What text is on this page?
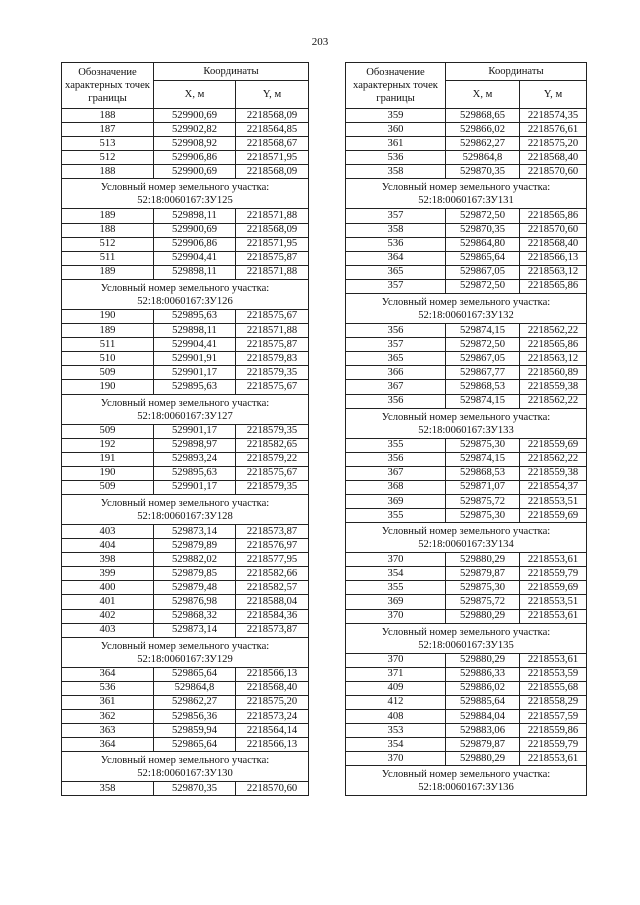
203
Обозначение характерных точек границы	Координаты	
	X, м	Y, м
188	529900,69	2218568,09
187	529902,82	2218564,85
513	529908,92	2218568,67
512	529906,86	2218571,95
188	529900,69	2218568,09
Условный номер земельного участка:
52:18:0060167:ЗУ125		
189	529898,11	2218571,88
188	529900,69	2218568,09
512	529906,86	2218571,95
511	529904,41	2218575,87
189	529898,11	2218571,88
Условный номер земельного участка:
52:18:0060167:ЗУ126		
190	529895,63	2218575,67
189	529898,11	2218571,88
511	529904,41	2218575,87
510	529901,91	2218579,83
509	529901,17	2218579,35
190	529895,63	2218575,67
Условный номер земельного участка:
52:18:0060167:ЗУ127		
509	529901,17	2218579,35
192	529898,97	2218582,65
191	529893,24	2218579,22
190	529895,63	2218575,67
509	529901,17	2218579,35
Условный номер земельного участка:
52:18:0060167:ЗУ128		
403	529873,14	2218573,87
404	529879,89	2218576,97
398	529882,02	2218577,95
399	529879,85	2218582,66
400	529879,48	2218582,57
401	529876,98	2218588,04
402	529868,32	2218584,36
403	529873,14	2218573,87
Условный номер земельного участка:
52:18:0060167:ЗУ129		
364	529865,64	2218566,13
536	529864,8	2218568,40
361	529862,27	2218575,20
362	529856,36	2218573,24
363	529859,94	2218564,14
364	529865,64	2218566,13
Условный номер земельного участка:
52:18:0060167:ЗУ130		
358	529870,35	2218570,60
Обозначение характерных точек границы	Координаты	
	X, м	Y, м
359	529868,65	2218574,35
360	529866,02	2218576,61
361	529862,27	2218575,20
536	529864,8	2218568,40
358	529870,35	2218570,60
Условный номер земельного участка:
52:18:0060167:ЗУ131		
357	529872,50	2218565,86
358	529870,35	2218570,60
536	529864,80	2218568,40
364	529865,64	2218566,13
365	529867,05	2218563,12
357	529872,50	2218565,86
Условный номер земельного участка:
52:18:0060167:ЗУ132		
356	529874,15	2218562,22
357	529872,50	2218565,86
365	529867,05	2218563,12
366	529867,77	2218560,89
367	529868,53	2218559,38
356	529874,15	2218562,22
Условный номер земельного участка:
52:18:0060167:ЗУ133		
355	529875,30	2218559,69
356	529874,15	2218562,22
367	529868,53	2218559,38
368	529871,07	2218554,37
369	529875,72	2218553,51
355	529875,30	2218559,69
Условный номер земельного участка:
52:18:0060167:ЗУ134		
370	529880,29	2218553,61
354	529879,87	2218559,79
355	529875,30	2218559,69
369	529875,72	2218553,51
370	529880,29	2218553,61
Условный номер земельного участка:
52:18:0060167:ЗУ135		
370	529880,29	2218553,61
371	529886,33	2218553,59
409	529886,02	2218555,68
412	529885,64	2218558,29
408	529884,04	2218557,59
353	529883,06	2218559,86
354	529879,87	2218559,79
370	529880,29	2218553,61
Условный номер земельного участка:
52:18:0060167:ЗУ136		
